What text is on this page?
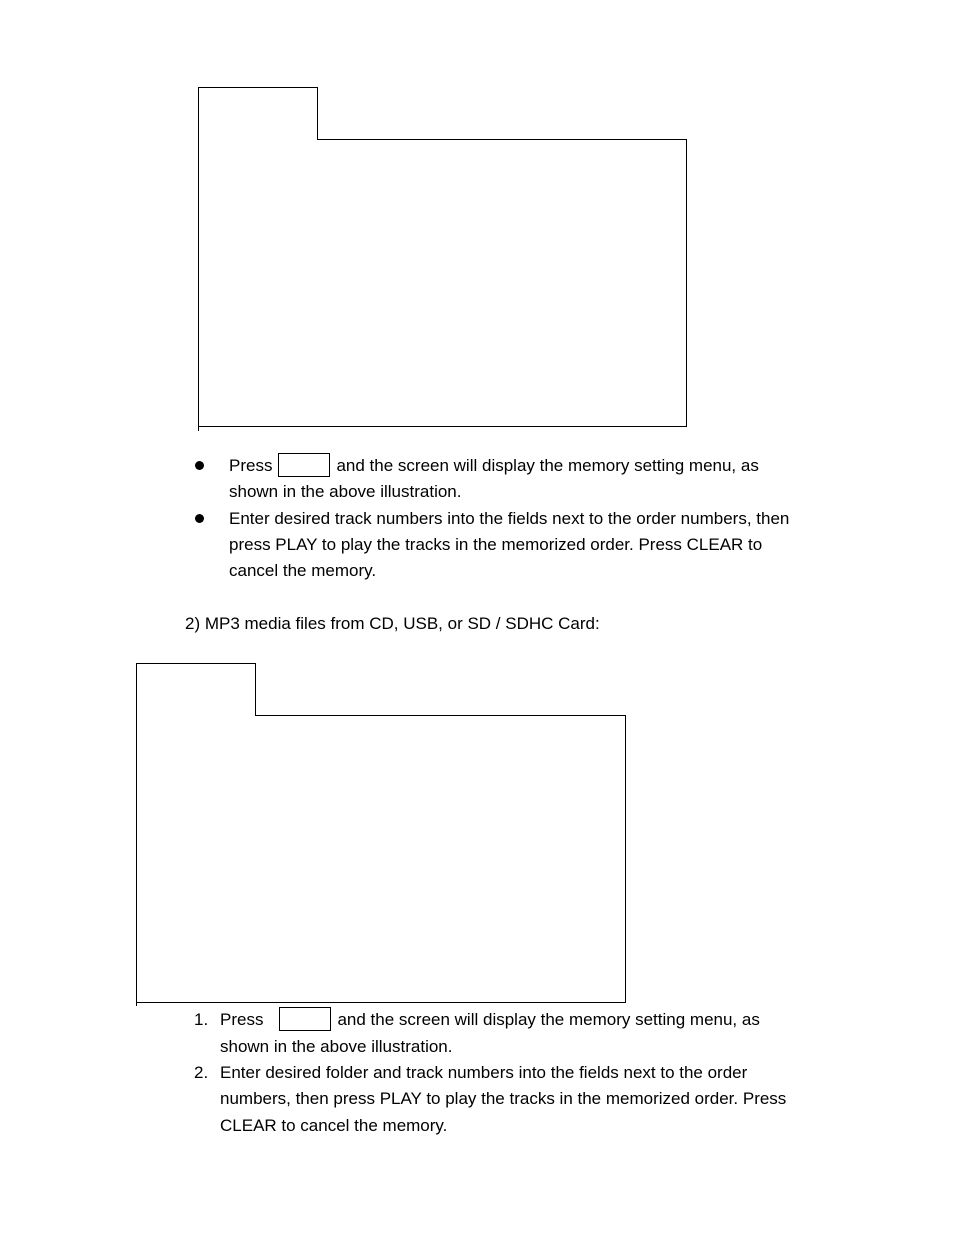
Press	and the screen will display the memory setting menu, as
shown in the above illustration.
Enter desired track numbers into the fields next to the order numbers, then
press PLAY to play the tracks in the memorized order. Press CLEAR to
cancel the memory.
2) MP3 media files from CD, USB, or SD / SDHC Card:
1. Press	and the screen will display the memory setting menu, as
shown in the above illustration.
2. Enter desired folder and track numbers into the fields next to the order
numbers, then press PLAY to play the tracks in the memorized order. Press
CLEAR to cancel the memory.
